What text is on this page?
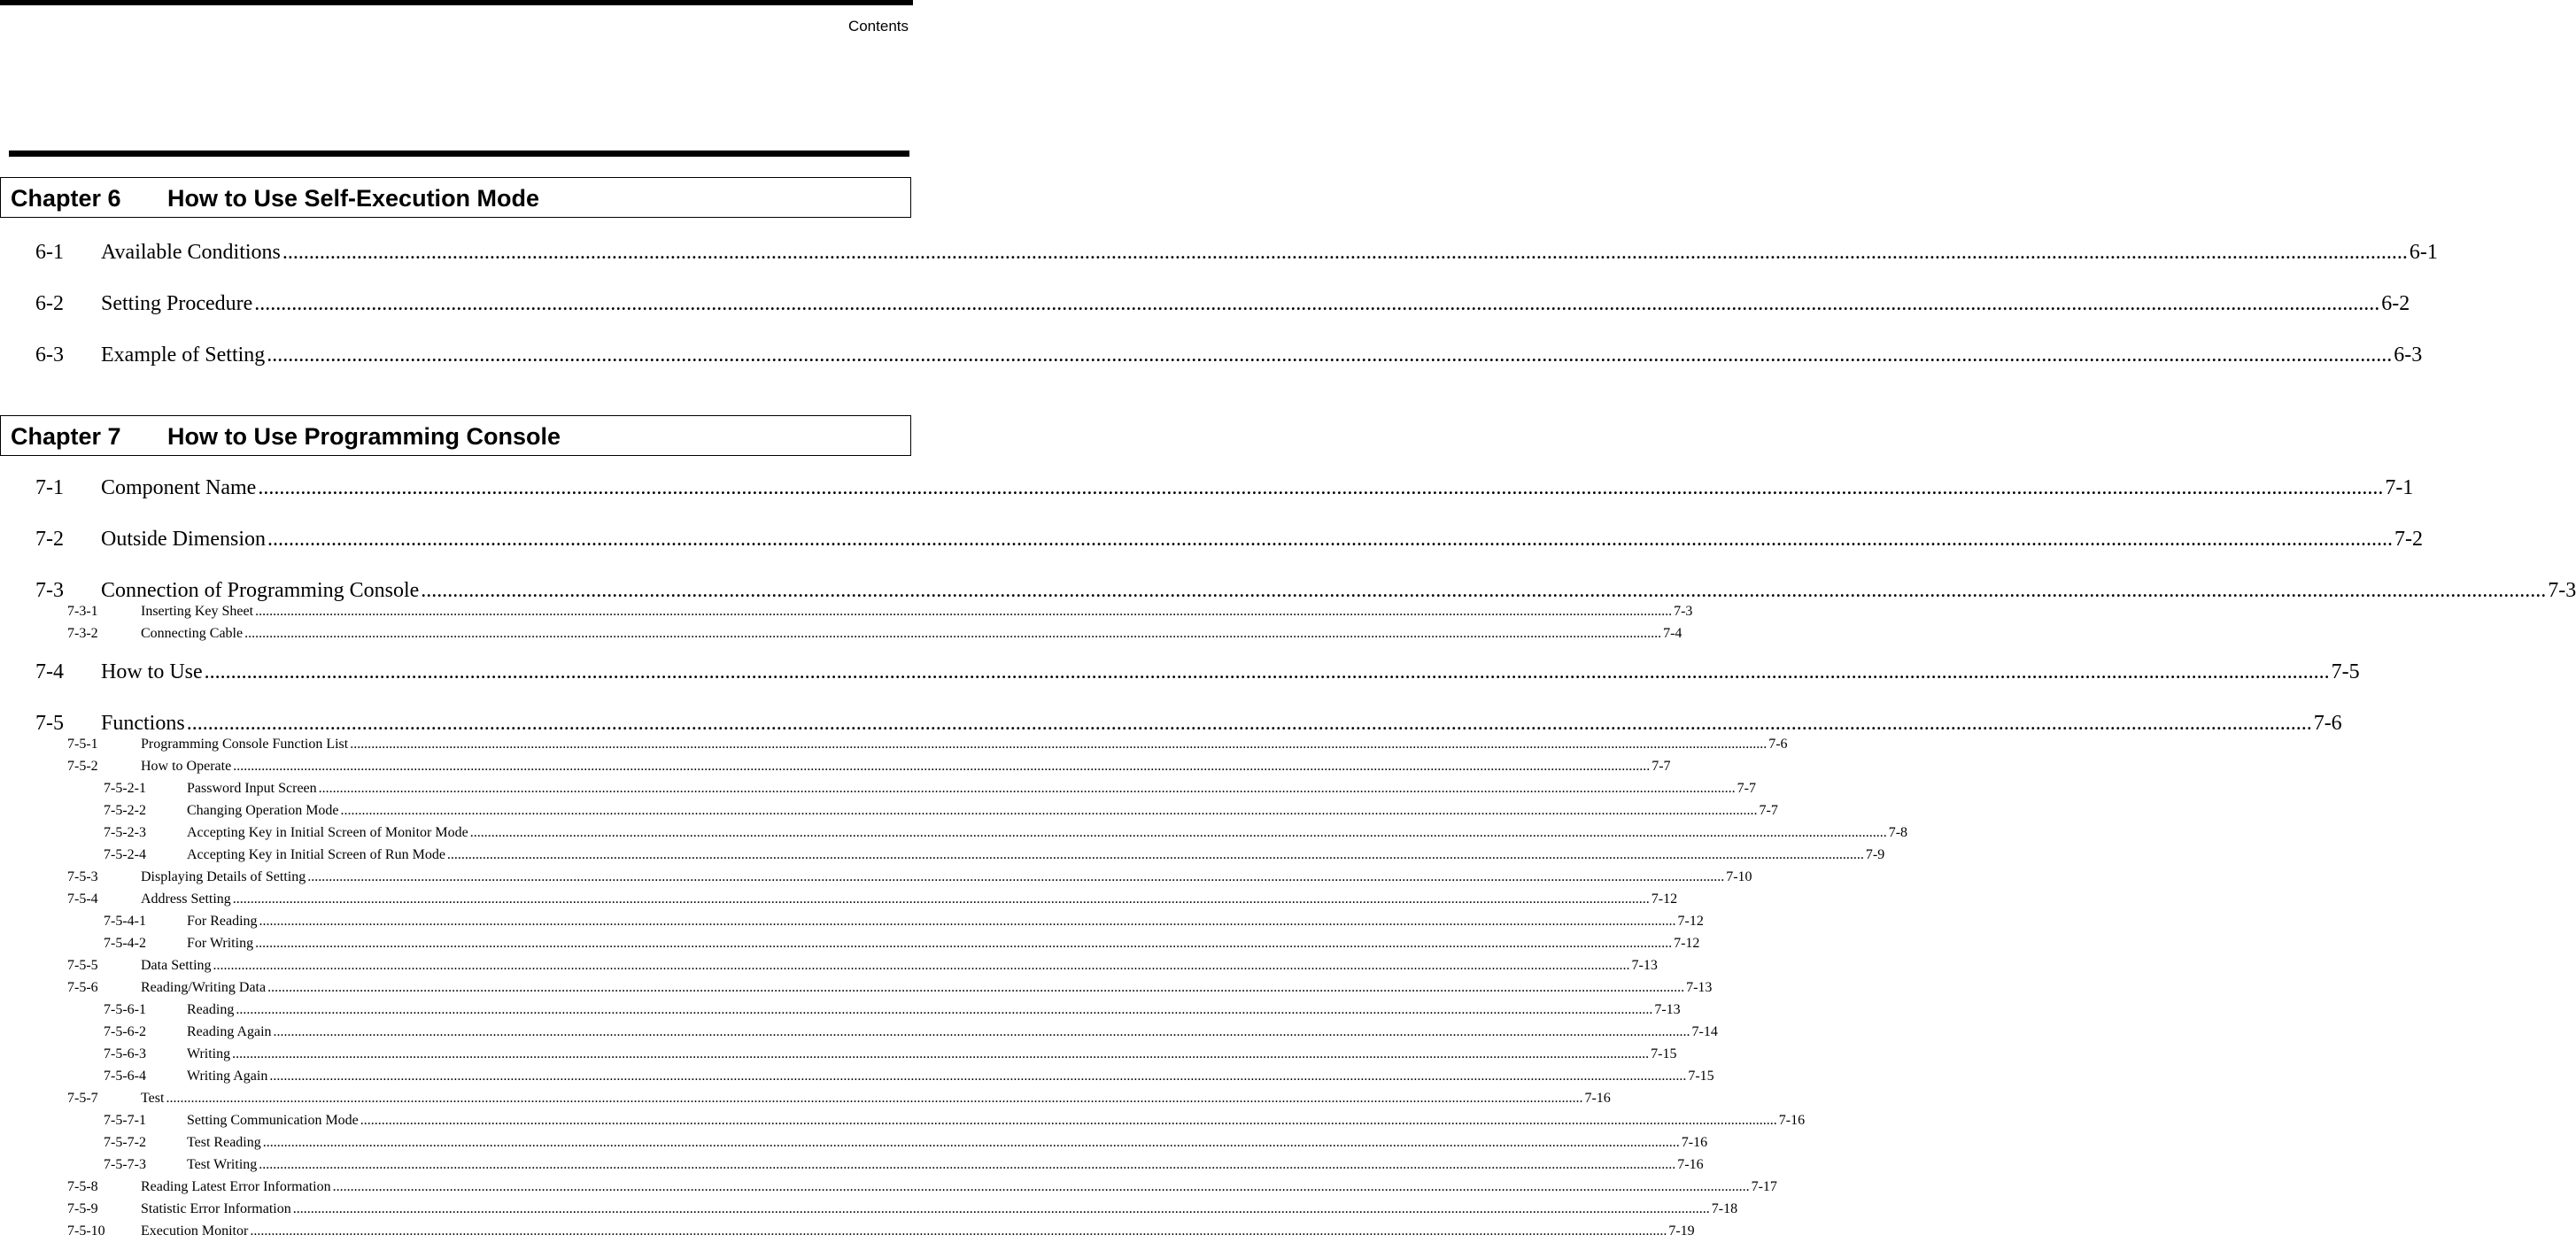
Contents
Chapter 6 How to Use Self-Execution Mode
Chapter 7 How to Use Programming Console
6-1	Available Conditions ................................................................................................................................................................................................................................................................................................................................................................................................................ 6-1
6-2	Setting Procedure ................................................................................................................................................................................................................................................................................................................................................................................................................ 6-2
6-3	Example of Setting ................................................................................................................................................................................................................................................................................................................................................................................................................ 6-3
7-1	Component Name ................................................................................................................................................................................................................................................................................................................................................................................................................ 7-1
7-2	Outside Dimension ................................................................................................................................................................................................................................................................................................................................................................................................................ 7-2
7-3	Connection of Programming Console ................................................................................................................................................................................................................................................................................................................................................................................................................ 7-3
7-3-1	Inserting Key Sheet ................................................................................................................................................................................................................................................................................................................................................................................................................ 7-3
7-3-2	Connecting Cable ................................................................................................................................................................................................................................................................................................................................................................................................................ 7-4
7-4	How to Use ................................................................................................................................................................................................................................................................................................................................................................................................................ 7-5
7-5	Functions ................................................................................................................................................................................................................................................................................................................................................................................................................ 7-6
7-5-1	Programming Console Function List ................................................................................................................................................................................................................................................................................................................................................................................................................ 7-6
7-5-2	How to Operate ................................................................................................................................................................................................................................................................................................................................................................................................................ 7-7
7-5-2-1	Password Input Screen ................................................................................................................................................................................................................................................................................................................................................................................................................ 7-7
7-5-2-2	Changing Operation Mode ................................................................................................................................................................................................................................................................................................................................................................................................................ 7-7
7-5-2-3	Accepting Key in Initial Screen of Monitor Mode ................................................................................................................................................................................................................................................................................................................................................................................................................ 7-8
7-5-2-4	Accepting Key in Initial Screen of Run Mode ................................................................................................................................................................................................................................................................................................................................................................................................................ 7-9
7-5-3	Displaying Details of Setting ................................................................................................................................................................................................................................................................................................................................................................................................................ 7-10
7-5-4	Address Setting ................................................................................................................................................................................................................................................................................................................................................................................................................ 7-12
7-5-4-1	For Reading ................................................................................................................................................................................................................................................................................................................................................................................................................ 7-12
7-5-4-2	For Writing ................................................................................................................................................................................................................................................................................................................................................................................................................ 7-12
7-5-5	Data Setting ................................................................................................................................................................................................................................................................................................................................................................................................................ 7-13
7-5-6	Reading/Writing Data ................................................................................................................................................................................................................................................................................................................................................................................................................ 7-13
7-5-6-1	Reading ................................................................................................................................................................................................................................................................................................................................................................................................................ 7-13
7-5-6-2	Reading Again ................................................................................................................................................................................................................................................................................................................................................................................................................ 7-14
7-5-6-3	Writing ................................................................................................................................................................................................................................................................................................................................................................................................................ 7-15
7-5-6-4	Writing Again ................................................................................................................................................................................................................................................................................................................................................................................................................ 7-15
7-5-7	Test ................................................................................................................................................................................................................................................................................................................................................................................................................ 7-16
7-5-7-1	Setting Communication Mode ................................................................................................................................................................................................................................................................................................................................................................................................................ 7-16
7-5-7-2	Test Reading ................................................................................................................................................................................................................................................................................................................................................................................................................ 7-16
7-5-7-3	Test Writing ................................................................................................................................................................................................................................................................................................................................................................................................................ 7-16
7-5-8	Reading Latest Error Information ................................................................................................................................................................................................................................................................................................................................................................................................................ 7-17
7-5-9	Statistic Error Information ................................................................................................................................................................................................................................................................................................................................................................................................................ 7-18
7-5-10	Execution Monitor ................................................................................................................................................................................................................................................................................................................................................................................................................ 7-19
